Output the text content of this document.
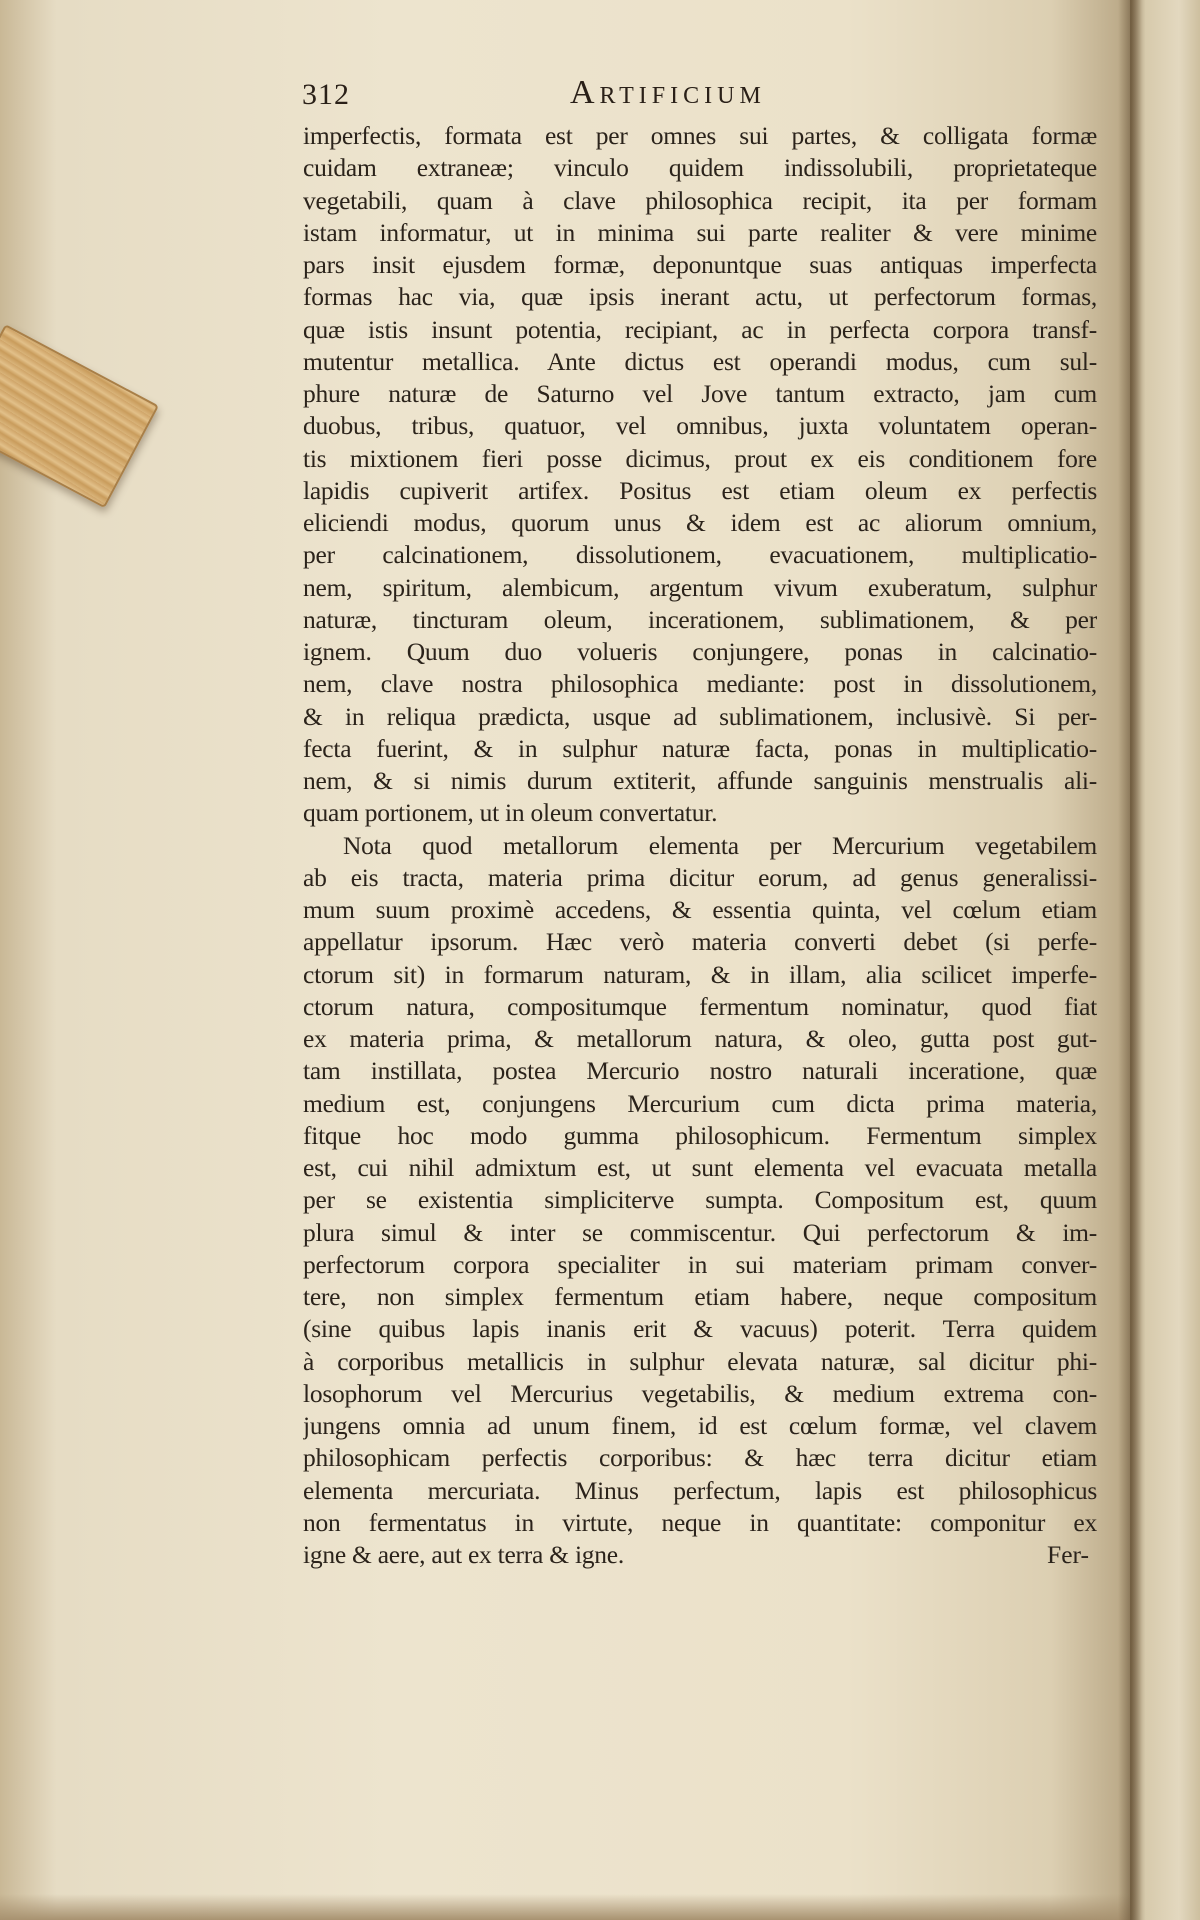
312	Artificium
imperfectis, formata est per omnes sui partes, & colligata formæ
cuidam extraneæ; vinculo quidem indissolubili, proprietateque
vegetabili, quam à clave philosophica recipit, ita per formam
istam informatur, ut in minima sui parte realiter & vere minime
pars insit ejusdem formæ, deponuntque suas antiquas imperfecta
formas hac via, quæ ipsis inerant actu, ut perfectorum formas,
quæ istis insunt potentia, recipiant, ac in perfecta corpora transf-
mutentur metallica. Ante dictus est operandi modus, cum sul-
phure naturæ de Saturno vel Jove tantum extracto, jam cum
duobus, tribus, quatuor, vel omnibus, juxta voluntatem operan-
tis mixtionem fieri posse dicimus, prout ex eis conditionem fore
lapidis cupiverit artifex. Positus est etiam oleum ex perfectis
eliciendi modus, quorum unus & idem est ac aliorum omnium,
per calcinationem, dissolutionem, evacuationem, multiplicatio-
nem, spiritum, alembicum, argentum vivum exuberatum, sulphur
naturæ, tincturam oleum, incerationem, sublimationem, & per
ignem. Quum duo volueris conjungere, ponas in calcinatio-
nem, clave nostra philosophica mediante: post in dissolutionem,
& in reliqua prædicta, usque ad sublimationem, inclusivè. Si per-
fecta fuerint, & in sulphur naturæ facta, ponas in multiplicatio-
nem, & si nimis durum extiterit, affunde sanguinis menstrualis ali-
quam portionem, ut in oleum convertatur.
Nota quod metallorum elementa per Mercurium vegetabilem
ab eis tracta, materia prima dicitur eorum, ad genus generalissi-
mum suum proximè accedens, & essentia quinta, vel cœlum etiam
appellatur ipsorum. Hæc verò materia converti debet (si perfe-
ctorum sit) in formarum naturam, & in illam, alia scilicet imperfe-
ctorum natura, compositumque fermentum nominatur, quod fiat
ex materia prima, & metallorum natura, & oleo, gutta post gut-
tam instillata, postea Mercurio nostro naturali inceratione, quæ
medium est, conjungens Mercurium cum dicta prima materia,
fitque hoc modo gumma philosophicum. Fermentum simplex
est, cui nihil admixtum est, ut sunt elementa vel evacuata metalla
per se existentia simpliciterve sumpta. Compositum est, quum
plura simul & inter se commiscentur. Qui perfectorum & im-
perfectorum corpora specialiter in sui materiam primam conver-
tere, non simplex fermentum etiam habere, neque compositum
(sine quibus lapis inanis erit & vacuus) poterit. Terra quidem
à corporibus metallicis in sulphur elevata naturæ, sal dicitur phi-
losophorum vel Mercurius vegetabilis, & medium extrema con-
jungens omnia ad unum finem, id est cœlum formæ, vel clavem
philosophicam perfectis corporibus: & hæc terra dicitur etiam
elementa mercuriata. Minus perfectum, lapis est philosophicus
non fermentatus in virtute, neque in quantitate: componitur ex
igne & aere, aut ex terra & igne.	Fer-
